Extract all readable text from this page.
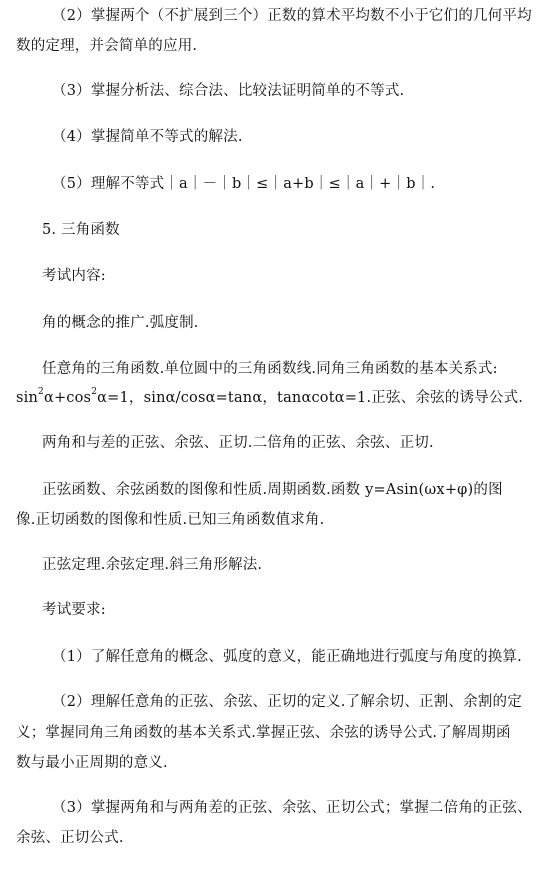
（2）掌握两个（不扩展到三个）正数的算术平均数不小于它们的几何平均
数的定理，并会简单的应用.
（3）掌握分析法、综合法、比较法证明简单的不等式.
（4）掌握简单不等式的解法.
（5）理解不等式｜a｜－｜b｜≤｜a+b｜≤｜a｜+｜b｜.
5. 三角函数
考试内容:
角的概念的推广.弧度制.
任意角的三角函数.单位圆中的三角函数线.同角三角函数的基本关系式:
$\sin^2\alpha+\cos^2\alpha=1$，sinα/cosα=tanα，tanαcotα=1.正弦、余弦的诱导公式.
两角和与差的正弦、余弦、正切.二倍角的正弦、余弦、正切.
正弦函数、余弦函数的图像和性质.周期函数.函数 y=Asin(ωx+φ)的图
像.正切函数的图像和性质.已知三角函数值求角.
正弦定理.余弦定理.斜三角形解法.
考试要求:
（1）了解任意角的概念、弧度的意义，能正确地进行弧度与角度的换算.
（2）理解任意角的正弦、余弦、正切的定义.了解余切、正割、余割的定
义；掌握同角三角函数的基本关系式.掌握正弦、余弦的诱导公式.了解周期函
数与最小正周期的意义.
（3）掌握两角和与两角差的正弦、余弦、正切公式；掌握二倍角的正弦、
余弦、正切公式.
